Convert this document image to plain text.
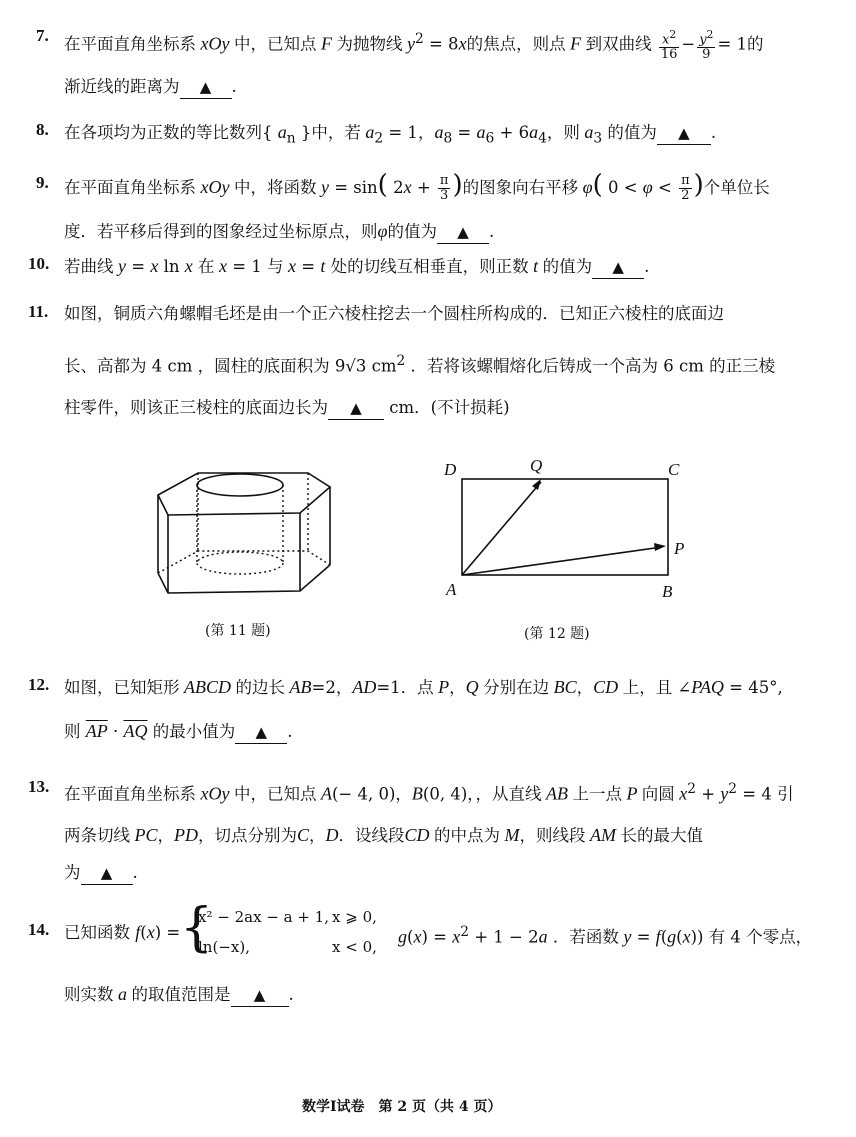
7. 在平面直角坐标系 xOy 中，已知点 F 为抛物线 $y^2 = 8x$的焦点，则点 F 到双曲线 $\frac{x^2}{16} - \frac{y^2}{9} = 1$的
渐近线的距离为 ▲ .
8. 在各项均为正数的等比数列{ $a_n$ }中，若 $a_2 = 1$，$a_8 = a_6 + 6a_4$，则 $a_3$ 的值为 ▲ .
9. 在平面直角坐标系 xOy 中，将函数 y = sin( $2x + \frac{\pi}{3}$ )的图象向右平移 φ( $0 < \varphi < \frac{\pi}{2}$ )个单位长
度．若平移后得到的图象经过坐标原点，则φ的值为 ▲ .
10. 若曲线 y = x ln x 在 x = 1 与 x = t 处的切线互相垂直，则正数 t 的值为 ▲ .
11. 如图，铜质六角螺帽毛坯是由一个正六棱柱挖去一个圆柱所构成的．已知正六棱柱的底面边
长、高都为 4 cm ，圆柱的底面积为 9√3 $cm^2$ ．若将该螺帽熔化后铸成一个高为 6 cm 的正三棱
柱零件，则该正三棱柱的底面边长为 ▲ cm．(不计损耗)
(第 11 题)
D	Q	C
P
A	B
(第 12 题)
12. 如图，已知矩形 ABCD 的边长 AB=2，AD=1．点 P，Q 分别在边 BC，CD 上，且 ∠PAQ = 45°,
则 $\overline{AP} \cdot \overline{AQ}$ 的最小值为 ▲ .
13. 在平面直角坐标系 xOy 中，已知点 A(− 4, 0)，B(0, 4)，，从直线 AB 上一点 P 向圆 $x^2 + y^2 = 4$ 引
两条切线 PC，PD，切点分别为C，D．设线段CD 的中点为 M，则线段 AM 长的最大值
为 ▲ .
14. 已知函数 f(x) = {
x² − 2ax − a + 1, x ⩾ 0,
ln(−x),	x < 0,
$g(x) = x^2 + 1 - 2a$ ．若函数 y = f(g(x)) 有 4 个零点，
则实数 a 的取值范围是 ▲ .
数学Ⅰ试卷　第 2 页（共 4 页）
